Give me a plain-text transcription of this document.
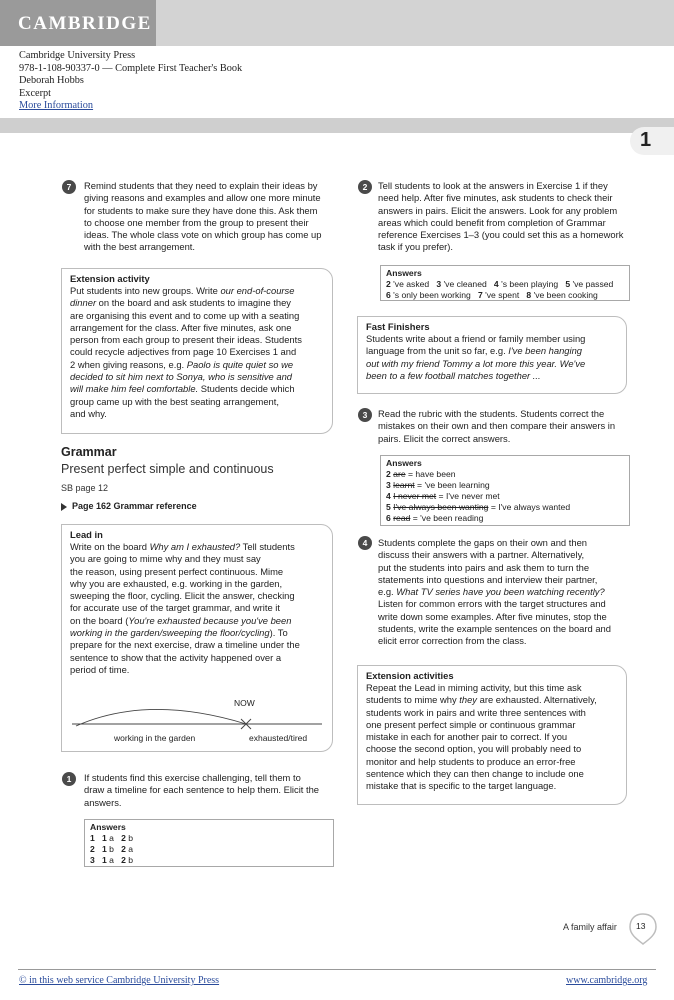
CAMBRIDGE
Cambridge University Press
978-1-108-90337-0 — Complete First Teacher's Book
Deborah Hobbs
Excerpt
More Information
1
7	Remind students that they need to explain their ideas by
giving reasons and examples and allow one more minute
for students to make sure they have done this. Ask them
to choose one member from the group to present their
ideas. The whole class vote on which group has come up
with the best arrangement.
Extension activity
Put students into new groups. Write our end-of-course
dinner on the board and ask students to imagine they
are organising this event and to come up with a seating
arrangement for the class. After five minutes, ask one
person from each group to present their ideas. Students
could recycle adjectives from page 10 Exercises 1 and
2 when giving reasons, e.g. Paolo is quite quiet so we
decided to sit him next to Sonya, who is sensitive and
will make him feel comfortable. Students decide which
group came up with the best seating arrangement,
and why.
Grammar
Present perfect simple and continuous
SB page 12
Page 162 Grammar reference
Lead in
Write on the board Why am I exhausted? Tell students
you are going to mime why and they must say
the reason, using present perfect continuous. Mime
why you are exhausted, e.g. working in the garden,
sweeping the floor, cycling. Elicit the answer, checking
for accurate use of the target grammar, and write it
on the board (You're exhausted because you've been
working in the garden/sweeping the floor/cycling). To
prepare for the next exercise, draw a timeline under the
sentence to show that the activity happened over a
period of time.
NOW
working in the garden	exhausted/tired
1	If students find this exercise challenging, tell them to
draw a timeline for each sentence to help them. Elicit the
answers.
Answers
1 1 a   2 b
2 1 b   2 a
3 1 a   2 b
2	Tell students to look at the answers in Exercise 1 if they
need help. After five minutes, ask students to check their
answers in pairs. Elicit the answers. Look for any problem
areas which could benefit from completion of Grammar
reference Exercises 1–3 (you could set this as a homework
task if you prefer).
Answers
2 've asked   3 've cleaned   4 's been playing   5 've passed
6 's only been working   7 've spent   8 've been cooking
Fast Finishers
Students write about a friend or family member using
language from the unit so far, e.g. I've been hanging
out with my friend Tommy a lot more this year. We've
been to a few football matches together ...
3	Read the rubric with the students. Students correct the
mistakes on their own and then compare their answers in
pairs. Elicit the correct answers.
Answers
2 are = have been
3 learnt = 've been learning
4 I never met = I've never met
5 I've always been wanting = I've always wanted
6 read = 've been reading
4	Students complete the gaps on their own and then
discuss their answers with a partner. Alternatively,
put the students into pairs and ask them to turn the
statements into questions and interview their partner,
e.g. What TV series have you been watching recently?
Listen for common errors with the target structures and
write down some examples. After five minutes, stop the
students, write the example sentences on the board and
elicit error correction from the class.
Extension activities
Repeat the Lead in miming activity, but this time ask
students to mime why they are exhausted. Alternatively,
students work in pairs and write three sentences with
one present perfect simple or continuous grammar
mistake in each for another pair to correct. If you
choose the second option, you will probably need to
monitor and help students to produce an error-free
sentence which they can then change to include one
mistake that is specific to the target language.
A family affair 13
© in this web service Cambridge University Press	www.cambridge.org
